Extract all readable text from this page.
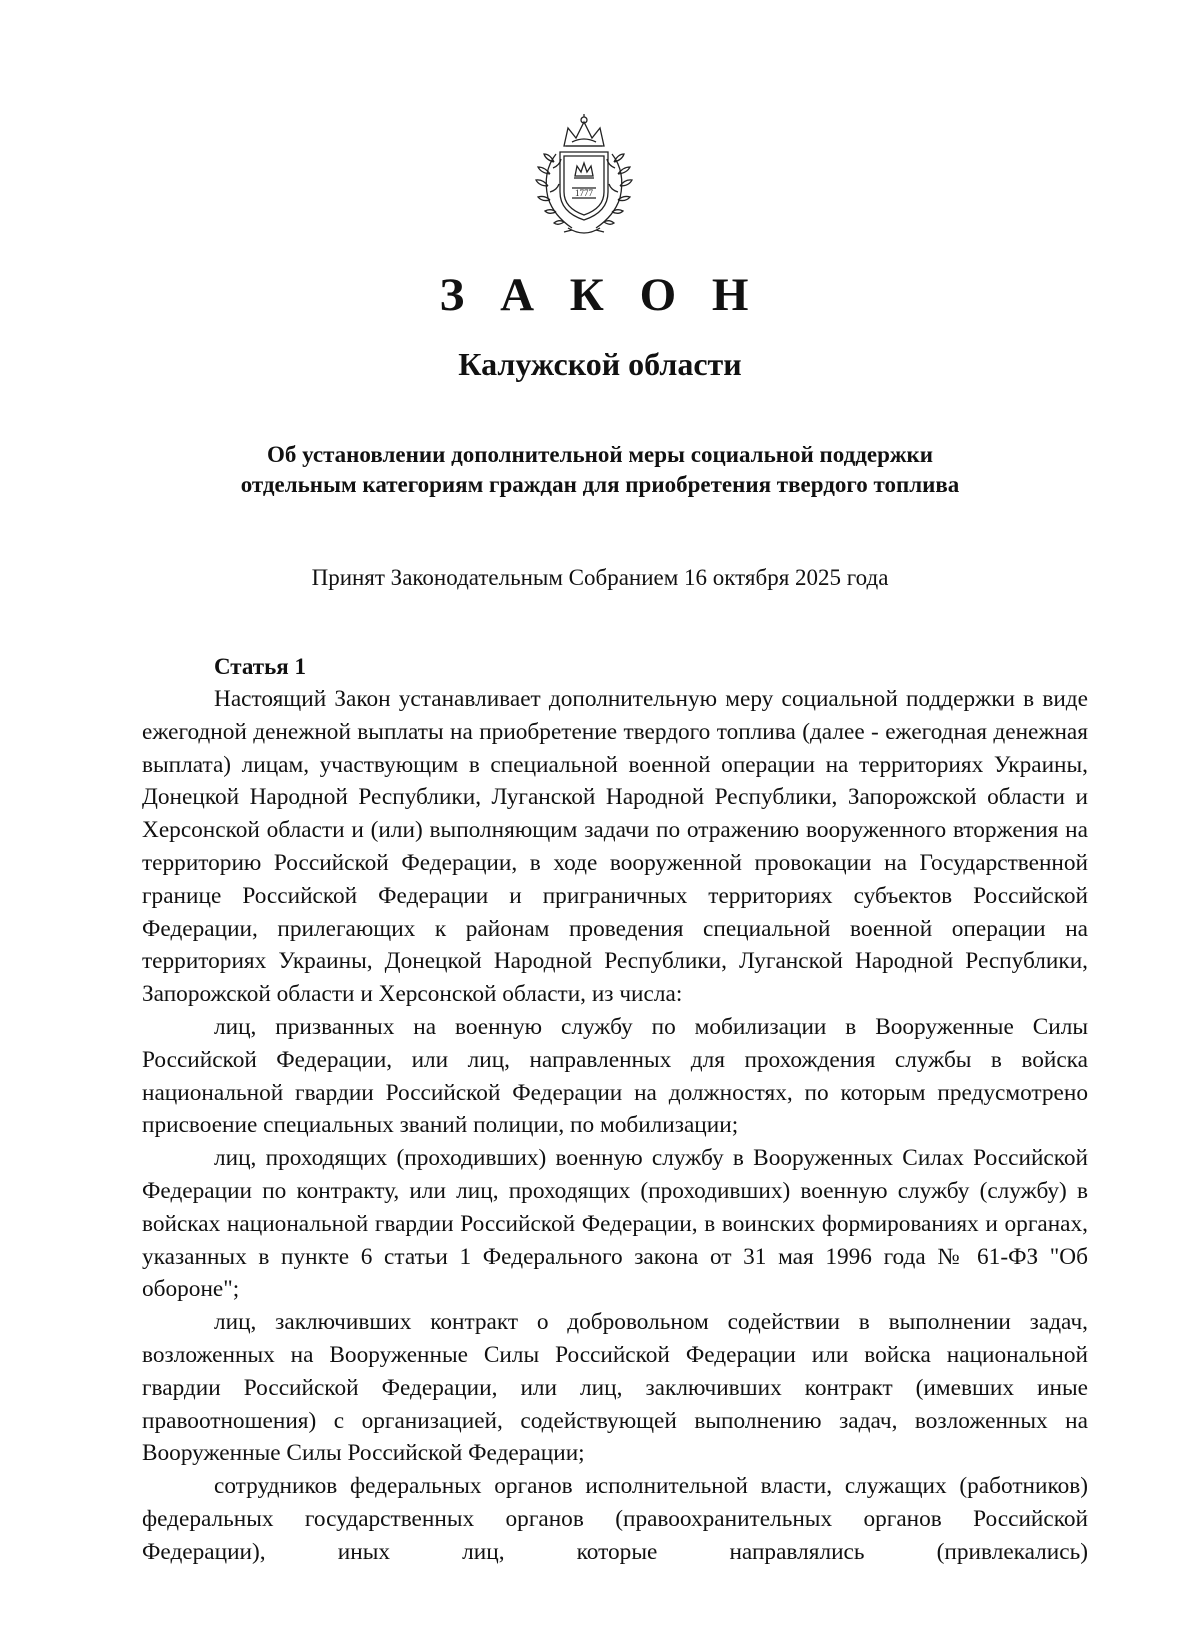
1777
З А К О Н
Калужской области
Об установлении дополнительной меры социальной поддержки
отдельным категориям граждан для приобретения твердого топлива
Принят Законодательным Собранием 16 октября 2025 года
Статья 1

Настоящий Закон устанавливает дополнительную меру социальной поддержки в виде ежегодной денежной выплаты на приобретение твердого топлива (далее - ежегодная денежная выплата) лицам, участвующим в специальной военной операции на территориях Украины, Донецкой Народной Республики, Луганской Народной Республики, Запорожской области и Херсонской области и (или) выполняющим задачи по отражению вооруженного вторжения на территорию Российской Федерации, в ходе вооруженной провокации на Государственной границе Российской Федерации и приграничных территориях субъектов Российской Федерации, прилегающих к районам проведения специальной военной операции на территориях Украины, Донецкой Народной Республики, Луганской Народной Республики, Запорожской области и Херсонской области, из числа:

лиц, призванных на военную службу по мобилизации в Вооруженные Силы Российской Федерации, или лиц, направленных для прохождения службы в войска национальной гвардии Российской Федерации на должностях, по которым предусмотрено присвоение специальных званий полиции, по мобилизации;

лиц, проходящих (проходивших) военную службу в Вооруженных Силах Российской Федерации по контракту, или лиц, проходящих (проходивших) военную службу (службу) в войсках национальной гвардии Российской Федерации, в воинских формированиях и органах, указанных в пункте 6 статьи 1 Федерального закона от 31 мая 1996 года № 61-ФЗ "Об обороне";

лиц, заключивших контракт о добровольном содействии в выполнении задач, возложенных на Вооруженные Силы Российской Федерации или войска национальной гвардии Российской Федерации, или лиц, заключивших контракт (имевших иные правоотношения) с организацией, содействующей выполнению задач, возложенных на Вооруженные Силы Российской Федерации;

сотрудников федеральных органов исполнительной власти, служащих (работников) федеральных государственных органов (правоохранительных органов Российской Федерации), иных лиц, которые направлялись (привлекались)
